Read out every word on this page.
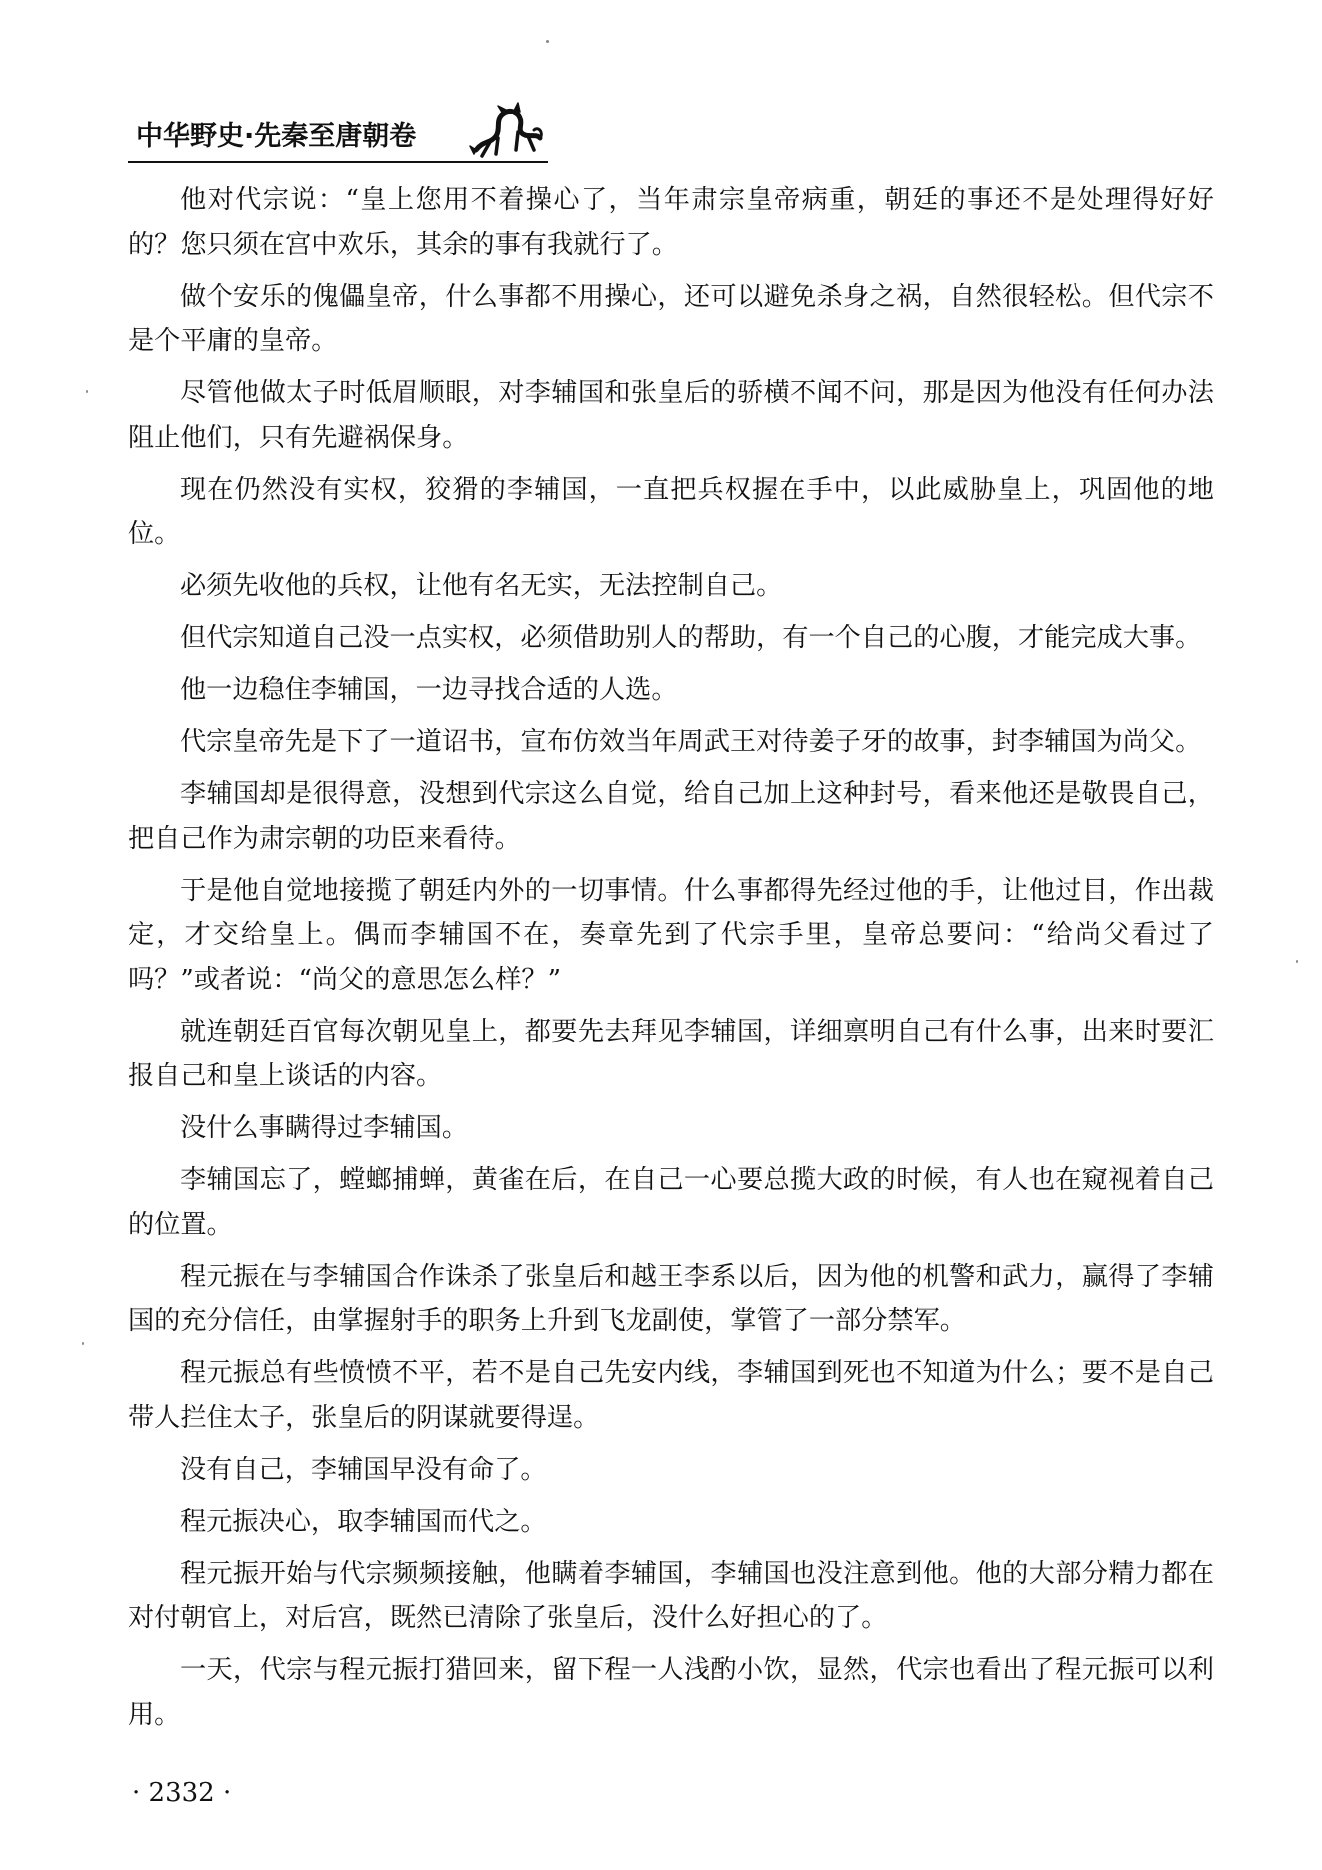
中华野史·先秦至唐朝卷

他对代宗说：“皇上您用不着操心了，当年肃宗皇帝病重，朝廷的事还不是处理得好好的？您只须在宫中欢乐，其余的事有我就行了。

做个安乐的傀儡皇帝，什么事都不用操心，还可以避免杀身之祸，自然很轻松。但代宗不是个平庸的皇帝。

尽管他做太子时低眉顺眼，对李辅国和张皇后的骄横不闻不问，那是因为他没有任何办法阻止他们，只有先避祸保身。

现在仍然没有实权，狡猾的李辅国，一直把兵权握在手中，以此威胁皇上，巩固他的地位。

必须先收他的兵权，让他有名无实，无法控制自己。

但代宗知道自己没一点实权，必须借助别人的帮助，有一个自己的心腹，才能完成大事。

他一边稳住李辅国，一边寻找合适的人选。

代宗皇帝先是下了一道诏书，宣布仿效当年周武王对待姜子牙的故事，封李辅国为尚父。

李辅国却是很得意，没想到代宗这么自觉，给自己加上这种封号，看来他还是敬畏自己，把自己作为肃宗朝的功臣来看待。

于是他自觉地接揽了朝廷内外的一切事情。什么事都得先经过他的手，让他过目，作出裁定，才交给皇上。偶而李辅国不在，奏章先到了代宗手里，皇帝总要问：“给尚父看过了吗？”或者说：“尚父的意思怎么样？”

就连朝廷百官每次朝见皇上，都要先去拜见李辅国，详细禀明自己有什么事，出来时要汇报自己和皇上谈话的内容。

没什么事瞒得过李辅国。

李辅国忘了，螳螂捕蝉，黄雀在后，在自己一心要总揽大政的时候，有人也在窥视着自己的位置。

程元振在与李辅国合作诛杀了张皇后和越王李系以后，因为他的机警和武力，赢得了李辅国的充分信任，由掌握射手的职务上升到飞龙副使，掌管了一部分禁军。

程元振总有些愤愤不平，若不是自己先安内线，李辅国到死也不知道为什么；要不是自己带人拦住太子，张皇后的阴谋就要得逞。

没有自己，李辅国早没有命了。

程元振决心，取李辅国而代之。

程元振开始与代宗频频接触，他瞒着李辅国，李辅国也没注意到他。他的大部分精力都在对付朝官上，对后宫，既然已清除了张皇后，没什么好担心的了。

一天，代宗与程元振打猎回来，留下程一人浅酌小饮，显然，代宗也看出了程元振可以利用。

· 2332 ·
